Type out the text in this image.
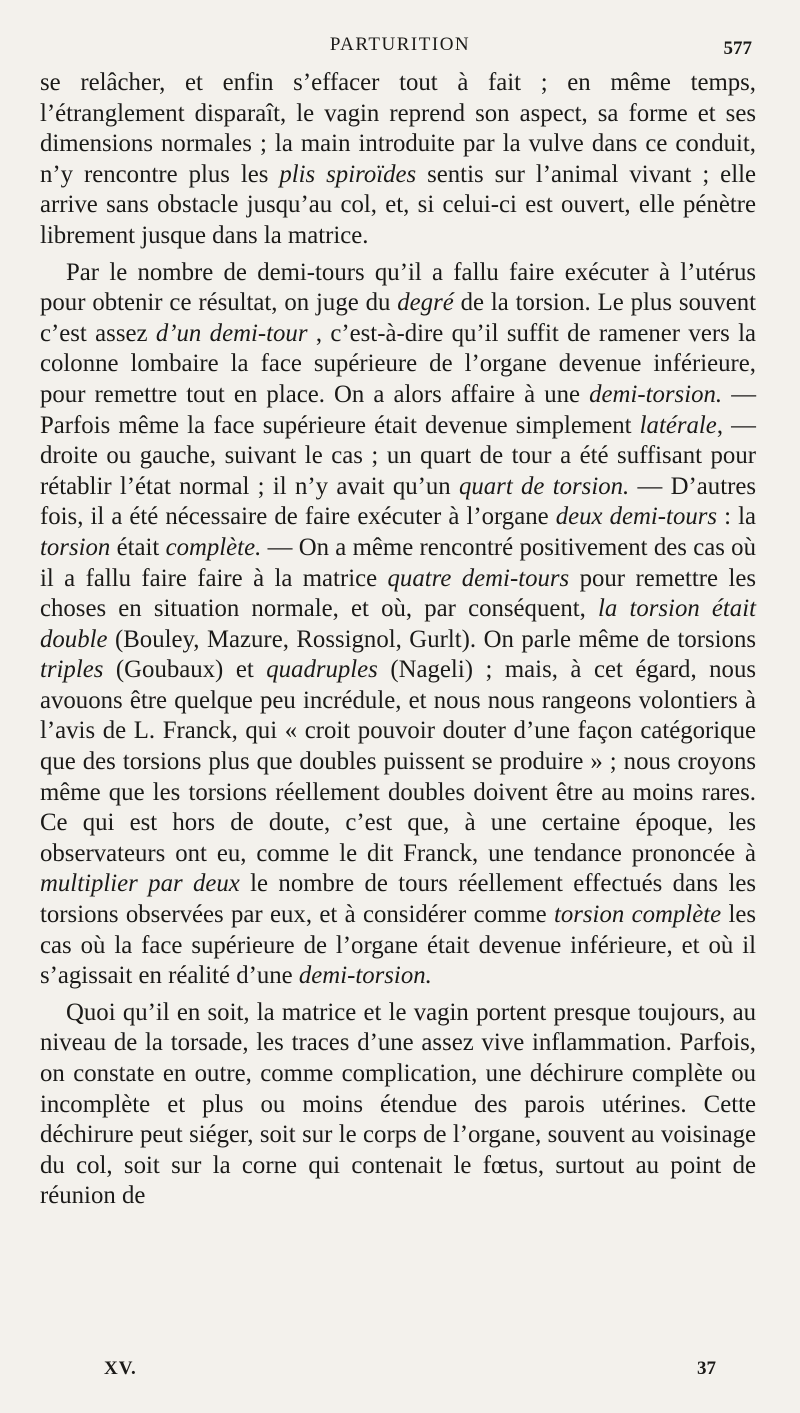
PARTURITION	577

se relâcher, et enfin s’effacer tout à fait ; en même temps, l’étranglement disparaît, le vagin reprend son aspect, sa forme et ses dimensions normales ; la main introduite par la vulve dans ce conduit, n’y rencontre plus les plis spiroïdes sentis sur l’animal vivant ; elle arrive sans obstacle jusqu’au col, et, si celui-ci est ouvert, elle pénètre librement jusque dans la matrice.

Par le nombre de demi-tours qu’il a fallu faire exécuter à l’utérus pour obtenir ce résultat, on juge du degré de la torsion. Le plus souvent c’est assez d’un demi-tour , c’est-à-dire qu’il suffit de ramener vers la colonne lombaire la face supérieure de l’organe devenue inférieure, pour remettre tout en place. On a alors affaire à une demi-torsion. — Parfois même la face supérieure était devenue simplement latérale, — droite ou gauche, suivant le cas ; un quart de tour a été suffisant pour rétablir l’état normal ; il n’y avait qu’un quart de torsion. — D’autres fois, il a été nécessaire de faire exécuter à l’organe deux demi-tours : la torsion était complète. — On a même rencontré positivement des cas où il a fallu faire faire à la matrice quatre demi-tours pour remettre les choses en situation normale, et où, par conséquent, la torsion était double (Bouley, Mazure, Rossignol, Gurlt). On parle même de torsions triples (Goubaux) et quadruples (Nageli) ; mais, à cet égard, nous avouons être quelque peu incrédule, et nous nous rangeons volontiers à l’avis de L. Franck, qui « croit pouvoir douter d’une façon catégorique que des torsions plus que doubles puissent se produire » ; nous croyons même que les torsions réellement doubles doivent être au moins rares. Ce qui est hors de doute, c’est que, à une certaine époque, les observateurs ont eu, comme le dit Franck, une tendance prononcée à multiplier par deux le nombre de tours réellement effectués dans les torsions observées par eux, et à considérer comme torsion complète les cas où la face supérieure de l’organe était devenue inférieure, et où il s’agissait en réalité d’une demi-torsion.

Quoi qu’il en soit, la matrice et le vagin portent presque toujours, au niveau de la torsade, les traces d’une assez vive inflammation. Parfois, on constate en outre, comme complication, une déchirure complète ou incomplète et plus ou moins étendue des parois utérines. Cette déchirure peut siéger, soit sur le corps de l’organe, souvent au voisinage du col, soit sur la corne qui contenait le fœtus, surtout au point de réunion de

XV.	37
